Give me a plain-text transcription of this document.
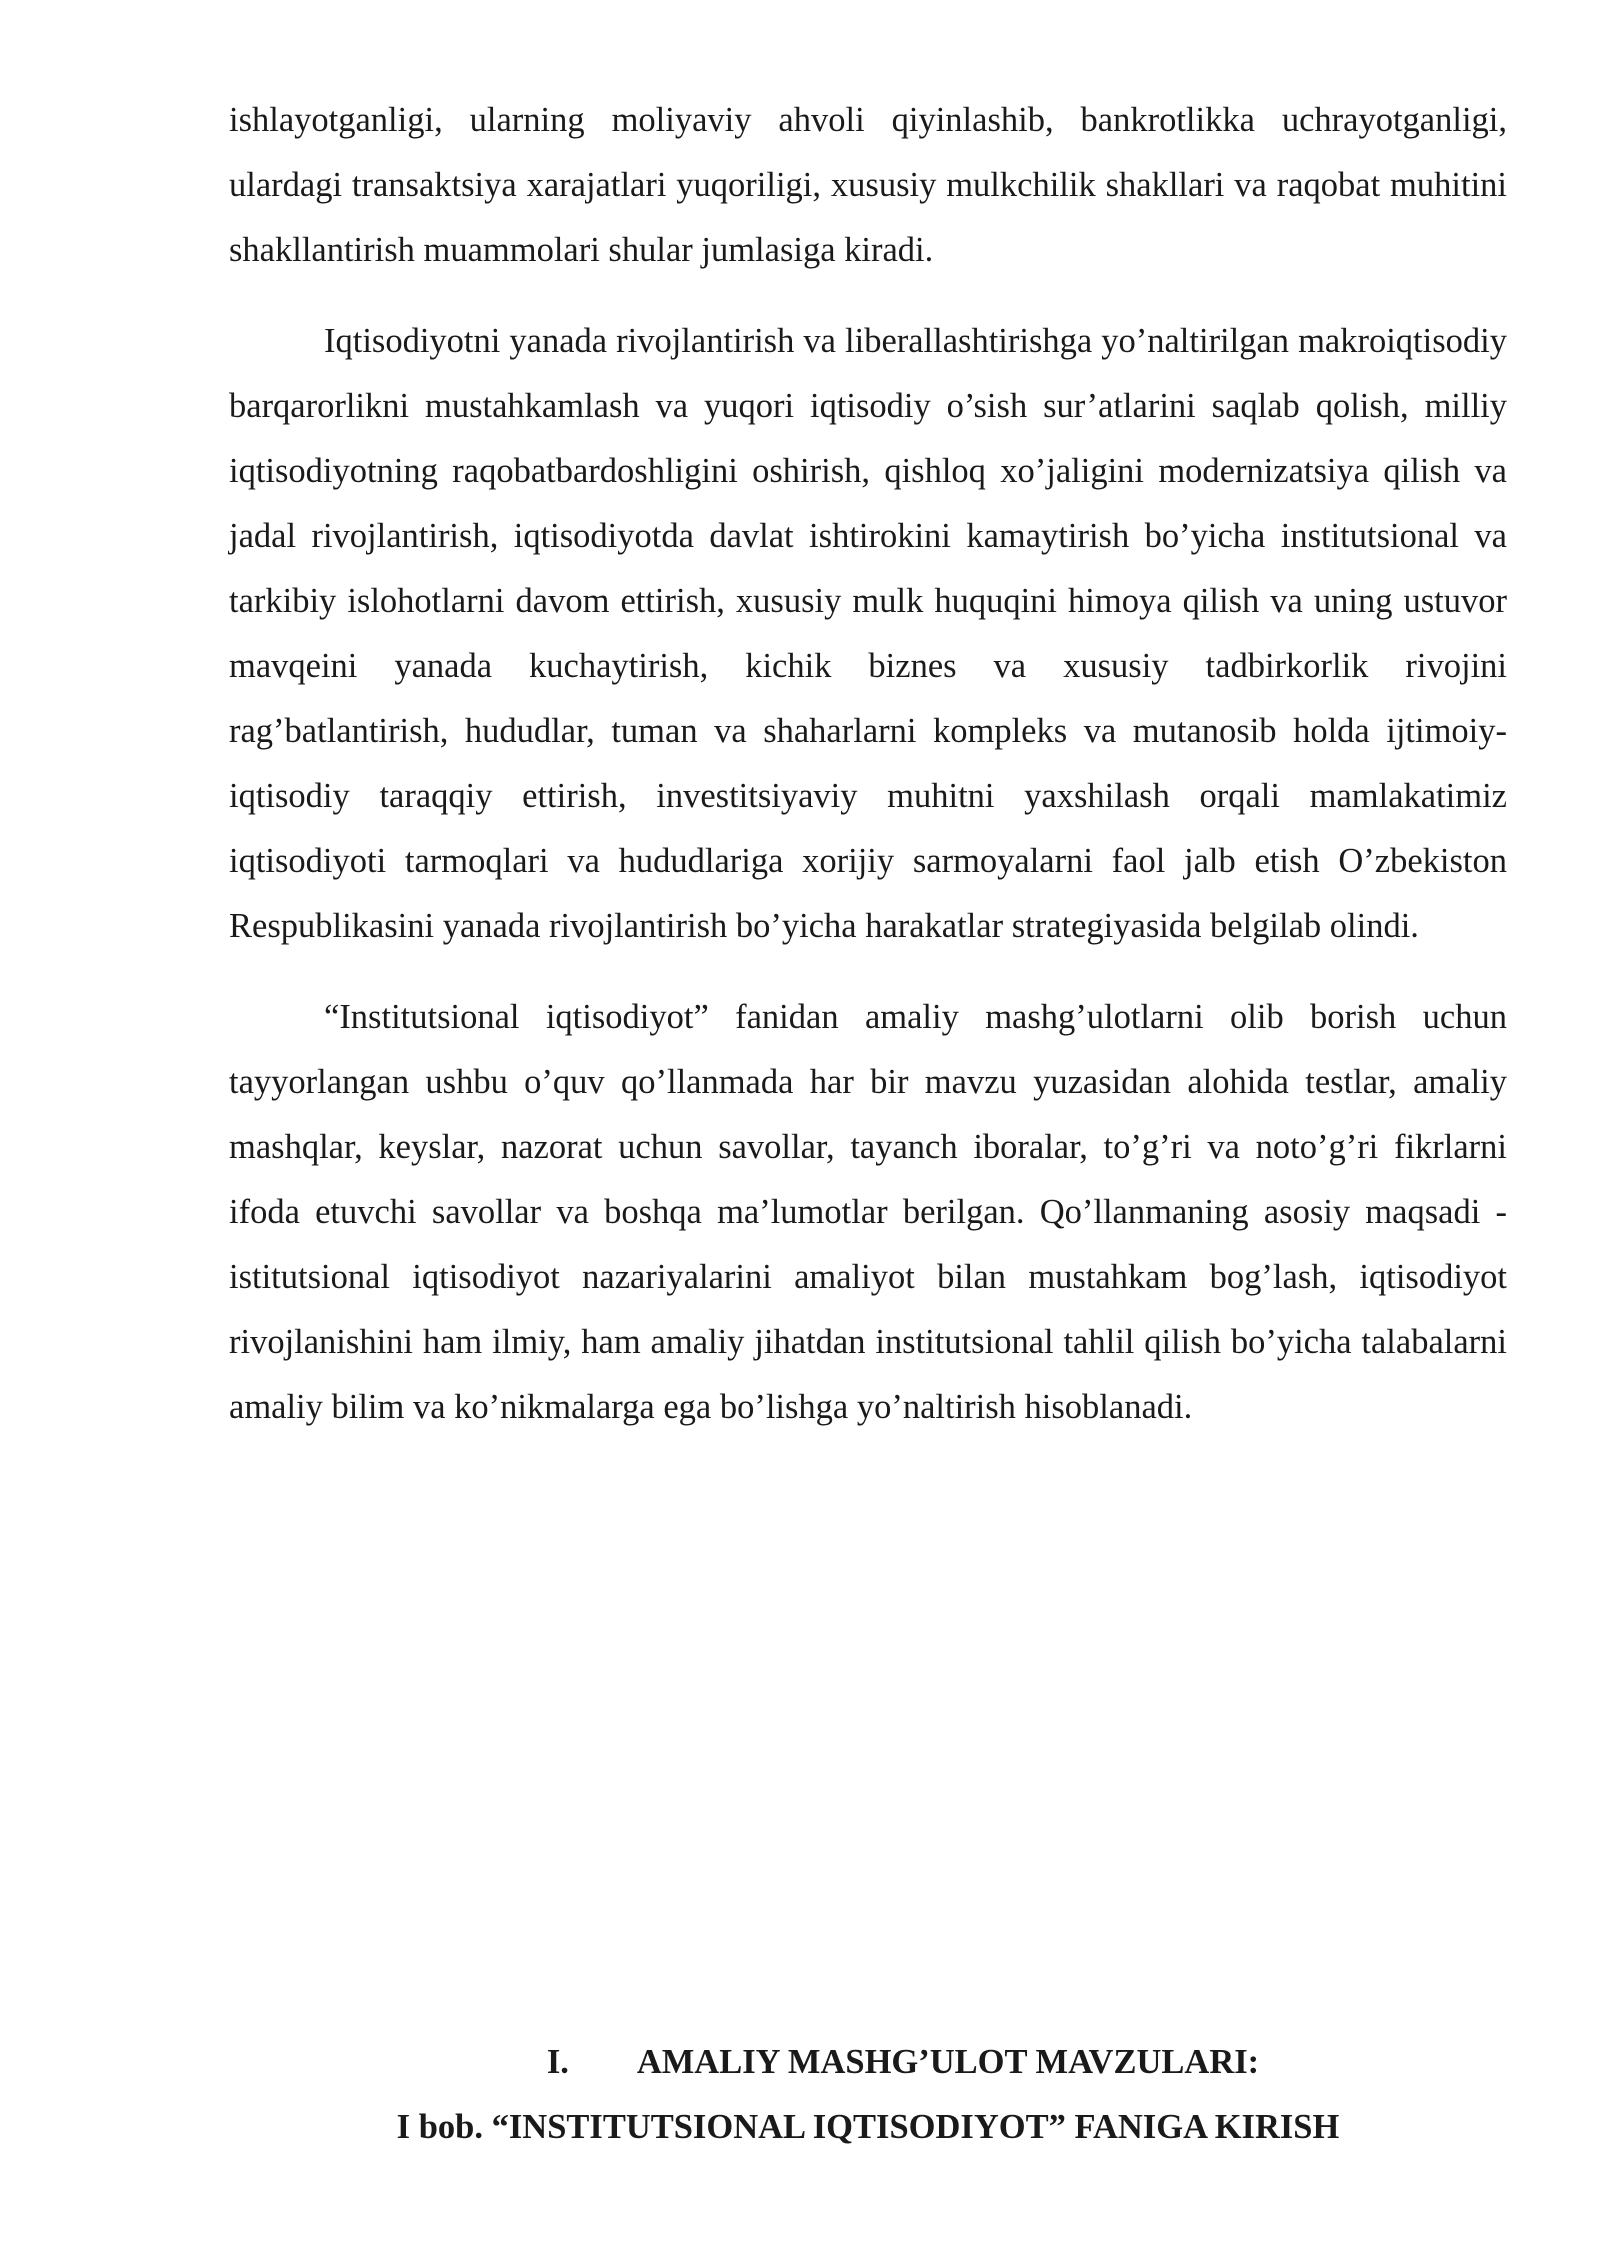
ishlayotganligi, ularning moliyaviy ahvoli qiyinlashib, bankrotlikka uchrayotganligi, ulardagi transaktsiya xarajatlari yuqoriligi, xususiy mulkchilik shakllari va raqobat muhitini shakllantirish muammolari shular jumlasiga kiradi.

Iqtisodiyotni yanada rivojlantirish va liberallashtirishga yo’naltirilgan makroiqtisodiy barqarorlikni mustahkamlash va yuqori iqtisodiy o’sish sur’atlarini saqlab qolish, milliy iqtisodiyotning raqobatbardoshligini oshirish, qishloq xo’jaligini modernizatsiya qilish va jadal rivojlantirish, iqtisodiyotda davlat ishtirokini kamaytirish bo’yicha institutsional va tarkibiy islohotlarni davom ettirish, xususiy mulk huquqini himoya qilish va uning ustuvor mavqeini yanada kuchaytirish, kichik biznes va xususiy tadbirkorlik rivojini rag’batlantirish, hududlar, tuman va shaharlarni kompleks va mutanosib holda ijtimoiy-iqtisodiy taraqqiy ettirish, investitsiyaviy muhitni yaxshilash orqali mamlakatimiz iqtisodiyoti tarmoqlari va hududlariga xorijiy sarmoyalarni faol jalb etish O’zbekiston Respublikasini yanada rivojlantirish bo’yicha harakatlar strategiyasida belgilab olindi.

“Institutsional iqtisodiyot” fanidan amaliy mashg’ulotlarni olib borish uchun tayyorlangan ushbu o’quv qo’llanmada har bir mavzu yuzasidan alohida testlar, amaliy mashqlar, keyslar, nazorat uchun savollar, tayanch iboralar, to’g’ri va noto’g’ri fikrlarni ifoda etuvchi savollar va boshqa ma’lumotlar berilgan. Qo’llanmaning asosiy maqsadi - istitutsional iqtisodiyot nazariyalarini amaliyot bilan mustahkam bog’lash, iqtisodiyot rivojlanishini ham ilmiy, ham amaliy jihatdan institutsional tahlil qilish bo’yicha talabalarni amaliy bilim va ko’nikmalarga ega bo’lishga yo’naltirish hisoblanadi.

I. AMALIY MASHG’ULOT MAVZULARI:

I bob. “INSTITUTSIONAL IQTISODIYOT” FANIGA KIRISH
